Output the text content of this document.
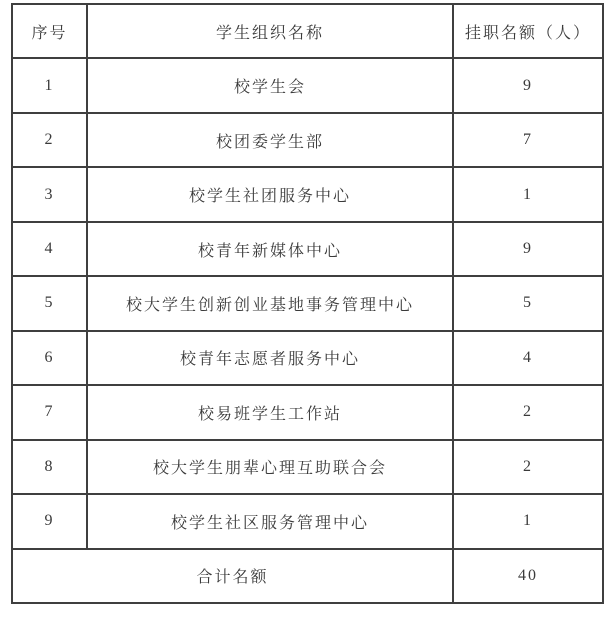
序号	学生组织名称	挂职名额（人）
1	校学生会	9
2	校团委学生部	7
3	校学生社团服务中心	1
4	校青年新媒体中心	9
5	校大学生创新创业基地事务管理中心	5
6	校青年志愿者服务中心	4
7	校易班学生工作站	2
8	校大学生朋辈心理互助联合会	2
9	校学生社区服务管理中心	1
合计名额		40
